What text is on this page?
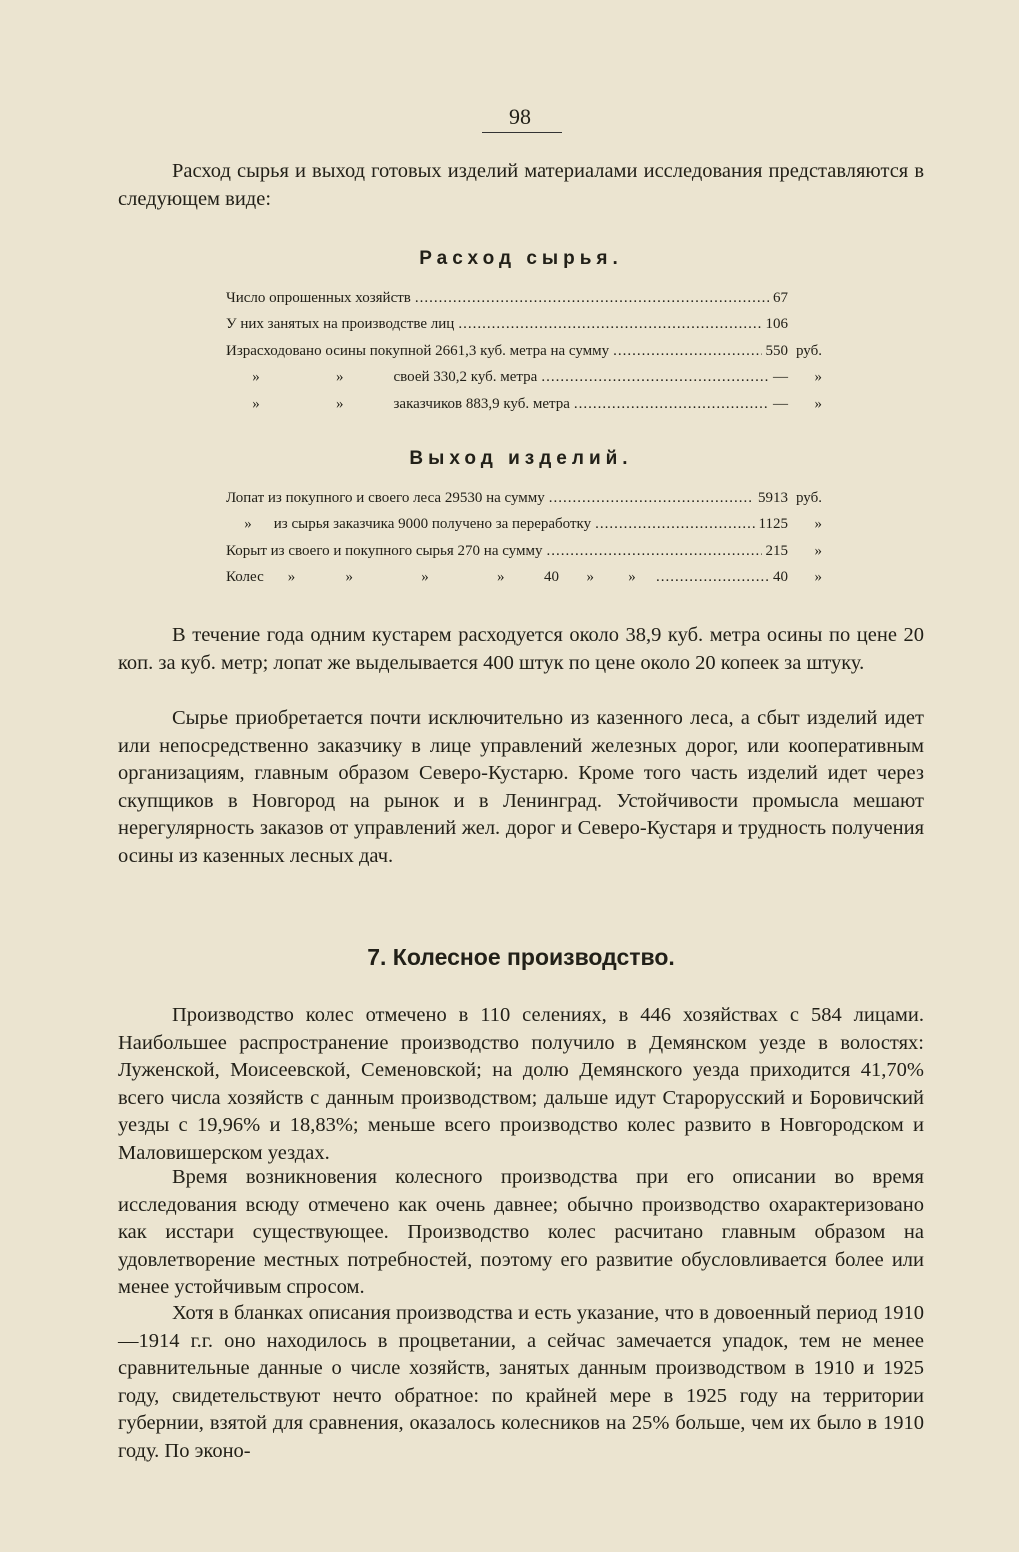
98

Расход сырья и выход готовых изделий материалами исследования представляются в следующем виде:

Расход сырья.
Число опрошенных хозяйств .....	67
У них занятых на производстве лиц .....	106
Израсходовано осины покупной 2661,3 куб. метра на сумму .....	550 руб.
»	»	своей 330,2 куб. метра .....	—	»
»	»	заказчиков 883,9 куб. метра .....	—	»
Выход изделий.
Лопат из покупного и своего леса 29530 на сумму .....	5913 руб.
» из сырья заказчика 9000 получено за переработку .....	1125	»
Корыт из своего и покупного сырья 270 на сумму .....	215	»
Колес »	»	»	»	40 » » .....	40	»

В течение года одним кустарем расходуется около 38,9 куб. метра осины по цене 20 коп. за куб. метр; лопат же выделывается 400 штук по цене около 20 копеек за штуку.

Сырье приобретается почти исключительно из казенного леса, а сбыт изделий идет или непосредственно заказчику в лице управлений железных дорог, или кооперативным организациям, главным образом Северо-Кустарю. Кроме того часть изделий идет через скупщиков в Новгород на рынок и в Ленинград. Устойчивости промысла мешают нерегулярность заказов от управлений жел. дорог и Северо-Кустаря и трудность получения осины из казенных лесных дач.

7. Колесное производство.

Производство колес отмечено в 110 селениях, в 446 хозяйствах с 584 лицами. Наибольшее распространение производство получило в Демянском уезде в волостях: Луженской, Моисеевской, Семеновской; на долю Демянского уезда приходится 41,70% всего числа хозяйств с данным производством; дальше идут Старорусский и Боровичский уезды с 19,96% и 18,83%; меньше всего производство колес развито в Новгородском и Маловишерском уездах.

Время возникновения колесного производства при его описании во время исследования всюду отмечено как очень давнее; обычно производство охарактеризовано как исстари существующее. Производство колес расчитано главным образом на удовлетворение местных потребностей, поэтому его развитие обусловливается более или менее устойчивым спросом.

Хотя в бланках описания производства и есть указание, что в довоенный период 1910—1914 г.г. оно находилось в процветании, а сейчас замечается упадок, тем не менее сравнительные данные о числе хозяйств, занятых данным производством в 1910 и 1925 году, свидетельствуют нечто обратное: по крайней мере в 1925 году на территории губернии, взятой для сравнения, оказалось колесников на 25% больше, чем их было в 1910 году. По эконо-
